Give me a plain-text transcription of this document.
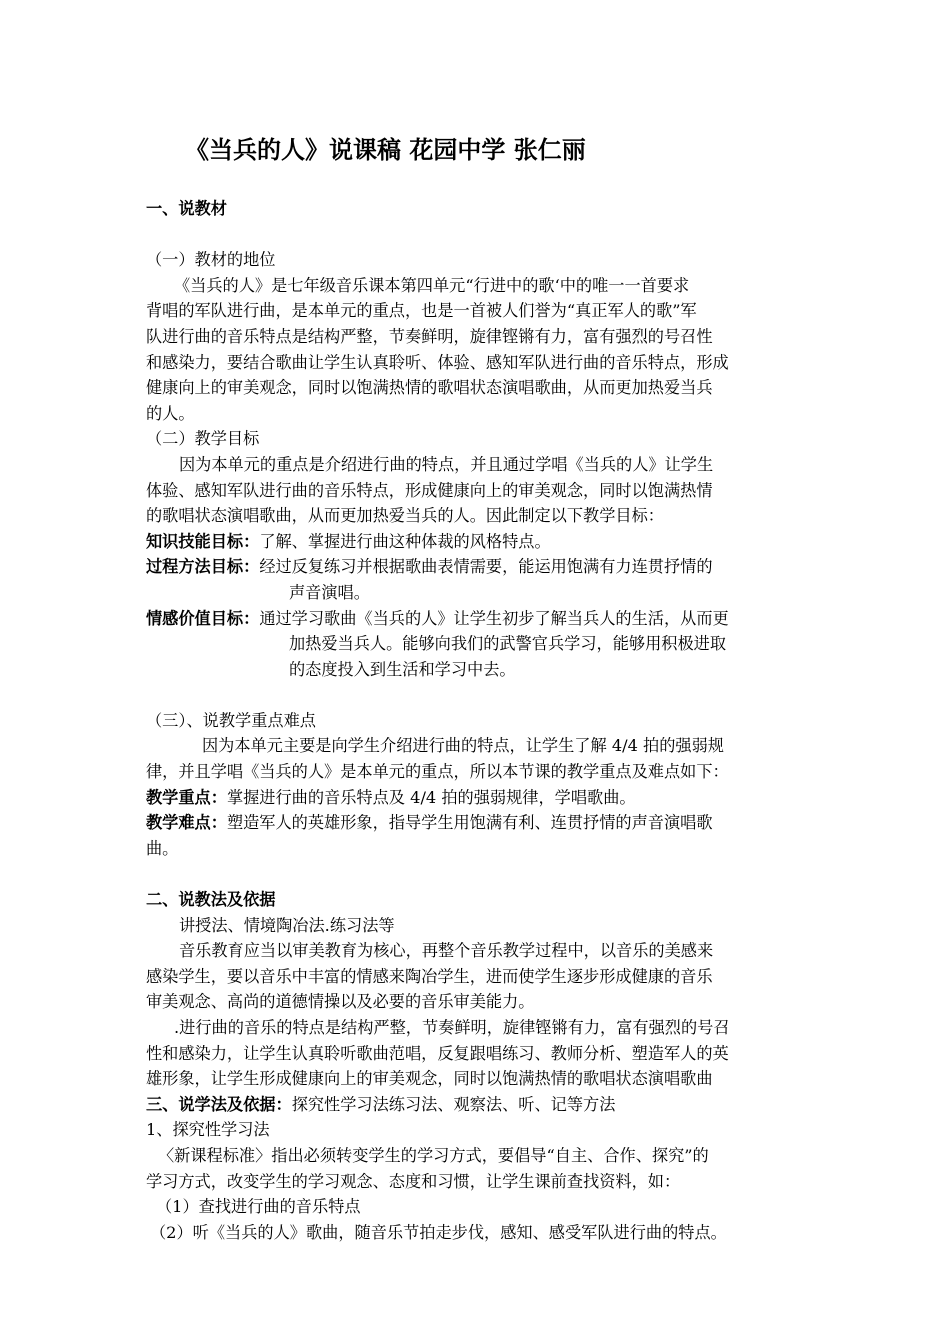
《当兵的人》说课稿 花园中学 张仁丽
一、说教材
（一）教材的地位
《当兵的人》是七年级音乐课本第四单元“行进中的歌‘中的唯一一首要求
背唱的军队进行曲，是本单元的重点，也是一首被人们誉为“真正军人的歌”军
队进行曲的音乐特点是结构严整，节奏鲜明，旋律铿锵有力，富有强烈的号召性
和感染力，要结合歌曲让学生认真聆听、体验、感知军队进行曲的音乐特点，形成
健康向上的审美观念，同时以饱满热情的歌唱状态演唱歌曲，从而更加热爱当兵
的人。
（二）教学目标
因为本单元的重点是介绍进行曲的特点，并且通过学唱《当兵的人》让学生
体验、感知军队进行曲的音乐特点，形成健康向上的审美观念，同时以饱满热情
的歌唱状态演唱歌曲，从而更加热爱当兵的人。因此制定以下教学目标：
知识技能目标：了解、掌握进行曲这种体裁的风格特点。
过程方法目标：经过反复练习并根据歌曲表情需要，能运用饱满有力连贯抒情的
声音演唱。
情感价值目标：通过学习歌曲《当兵的人》让学生初步了解当兵人的生活，从而更
加热爱当兵人。能够向我们的武警官兵学习，能够用积极进取
的态度投入到生活和学习中去。
（三）、说教学重点难点
因为本单元主要是向学生介绍进行曲的特点，让学生了解 4/4 拍的强弱规
律，并且学唱《当兵的人》是本单元的重点，所以本节课的教学重点及难点如下：
教学重点：掌握进行曲的音乐特点及 4/4 拍的强弱规律，学唱歌曲。
教学难点：塑造军人的英雄形象，指导学生用饱满有利、连贯抒情的声音演唱歌
曲。
二、说教法及依据
讲授法、情境陶冶法.练习法等
音乐教育应当以审美教育为核心，再整个音乐教学过程中，以音乐的美感来
感染学生，要以音乐中丰富的情感来陶冶学生，进而使学生逐步形成健康的音乐
审美观念、高尚的道德情操以及必要的音乐审美能力。
.进行曲的音乐的特点是结构严整，节奏鲜明，旋律铿锵有力，富有强烈的号召
性和感染力，让学生认真聆听歌曲范唱，反复跟唱练习、教师分析、塑造军人的英
雄形象，让学生形成健康向上的审美观念，同时以饱满热情的歌唱状态演唱歌曲
三、说学法及依据：探究性学习法练习法、观察法、听、记等方法
1、探究性学习法
〈新课程标准〉指出必须转变学生的学习方式，要倡导“自主、合作、探究”的
学习方式，改变学生的学习观念、态度和习惯，让学生课前查找资料，如：
（1）查找进行曲的音乐特点
（2）听《当兵的人》歌曲，随音乐节拍走步伐，感知、感受军队进行曲的特点。
